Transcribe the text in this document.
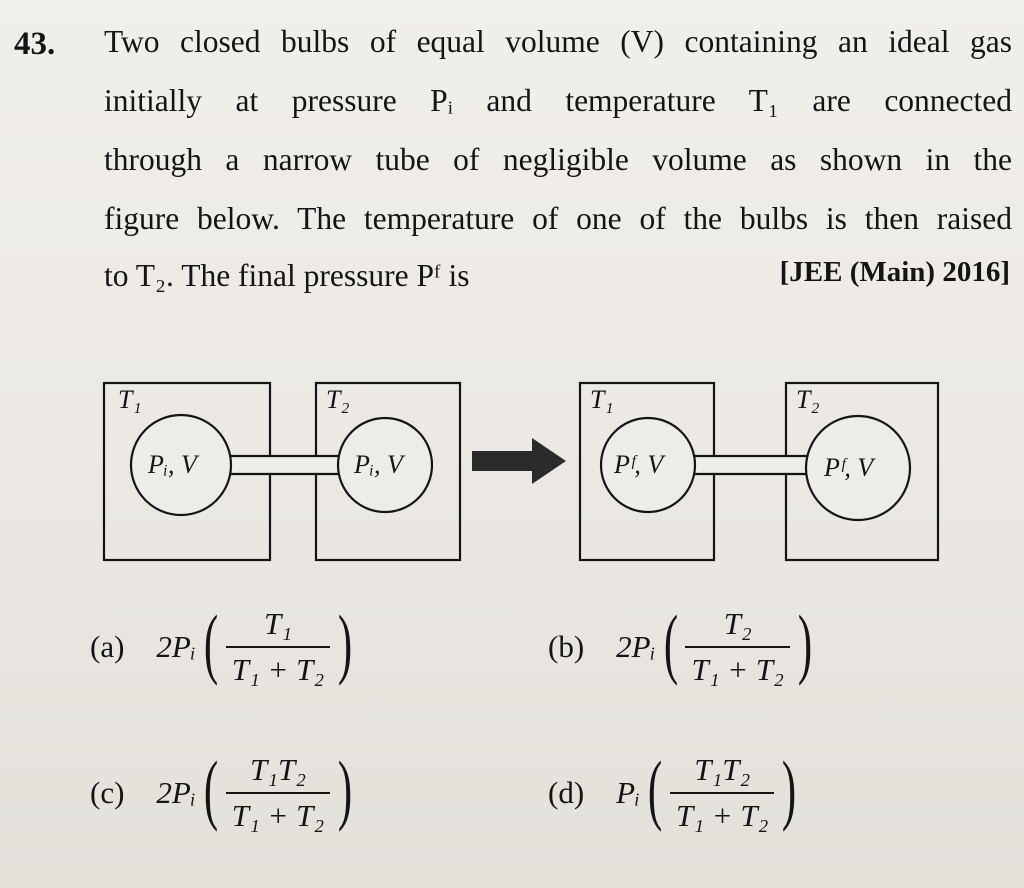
43. Two closed bulbs of equal volume (V) containing an ideal gas
initially at pressure Pᵢ and temperature T₁ are connected
through a narrow tube of negligible volume as shown in the
figure below. The temperature of one of the bulbs is then raised
to T₂. The final pressure Pᶠ is	[JEE (Main) 2016]
T₁	T₂
Pᵢ, V	Pᵢ, V
T₁	T₂
Pᶠ, V	Pᶠ, V
(a) 2Pᵢ ( $\frac{\text{T₁}}{\text{T₁ + T₂}}$ )	(b) 2Pᵢ ( $\frac{\text{T₂}}{\text{T₁ + T₂}}$ )
(c) 2Pᵢ ( $\frac{\text{T₁T₂}}{\text{T₁ + T₂}}$ )	(d) Pᵢ ( $\frac{\text{T₁T₂}}{\text{T₁ + T₂}}$ )
